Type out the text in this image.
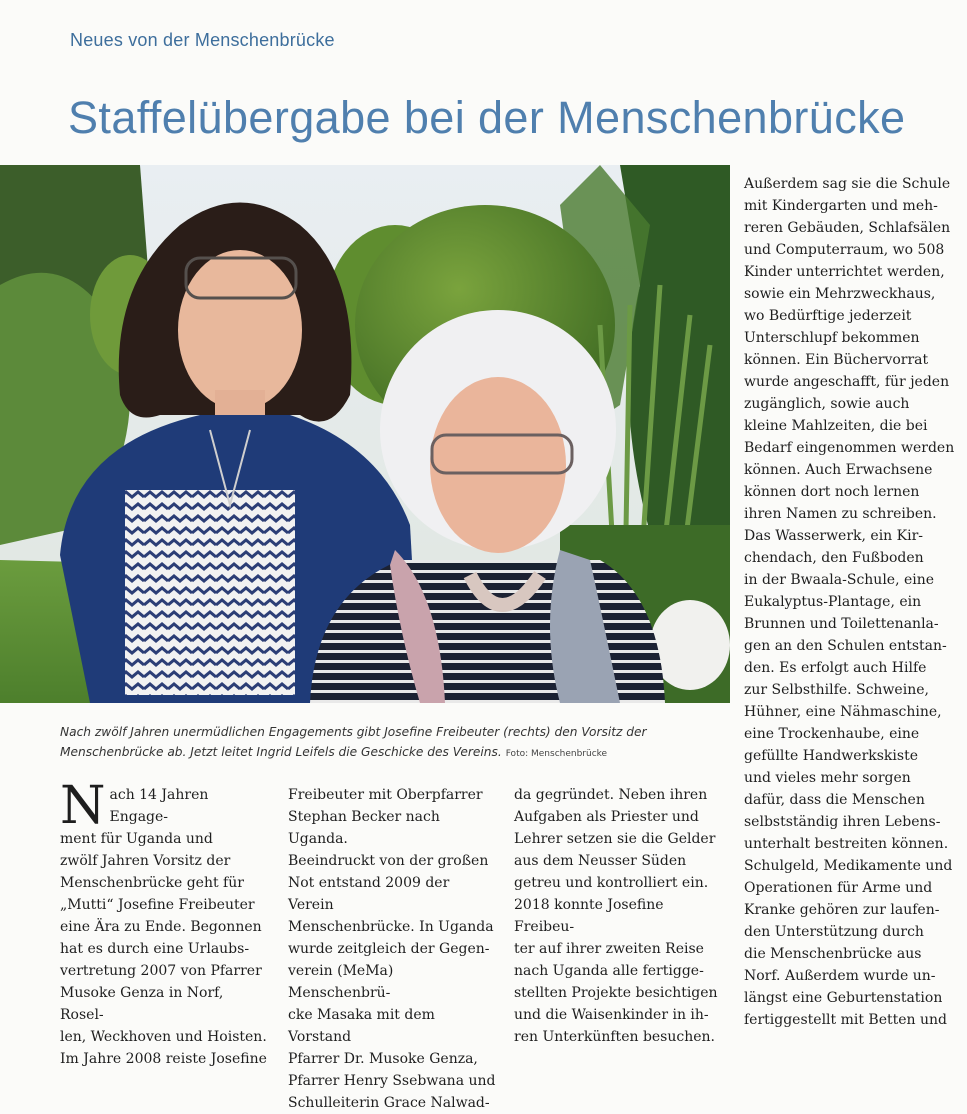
Neues von der Menschenbrücke
Staffelübergabe bei der Menschenbrücke

Nach zwölf Jahren unermüdlichen Engagements gibt Josefine Freibeuter (rechts) den Vorsitz der Menschenbrücke ab. Jetzt leitet Ingrid Leifels die Geschicke des Vereins. Foto: Menschenbrücke

Nach 14 Jahren Engage-
ment für Uganda und
zwölf Jahren Vorsitz der
Menschenbrücke geht für
„Mutti“ Josefine Freibeuter
eine Ära zu Ende. Begonnen
hat es durch eine Urlaubs-
vertretung 2007 von Pfarrer
Musoke Genza in Norf, Rosel-
len, Weckhoven und Hoisten.
Im Jahre 2008 reiste Josefine
Freibeuter mit Oberpfarrer
Stephan Becker nach Uganda.
Beeindruckt von der großen
Not entstand 2009 der Verein
Menschenbrücke. In Uganda
wurde zeitgleich der Gegen-
verein (MeMa) Menschenbrü-
cke Masaka mit dem Vorstand
Pfarrer Dr. Musoke Genza,
Pfarrer Henry Ssebwana und
Schulleiterin Grace Nalwad-
da gegründet. Neben ihren
Aufgaben als Priester und
Lehrer setzen sie die Gelder
aus dem Neusser Süden
getreu und kontrolliert ein.
2018 konnte Josefine Freibeu-
ter auf ihrer zweiten Reise
nach Uganda alle fertigge-
stellten Projekte besichtigen
und die Waisenkinder in ih-
ren Unterkünften besuchen.
Außerdem sag sie die Schule
mit Kindergarten und meh-
reren Gebäuden, Schlafsälen
und Computerraum, wo 508
Kinder unterrichtet werden,
sowie ein Mehrzweckhaus,
wo Bedürftige jederzeit
Unterschlupf bekommen
können. Ein Büchervorrat
wurde angeschafft, für jeden
zugänglich, sowie auch
kleine Mahlzeiten, die bei
Bedarf eingenommen werden
können. Auch Erwachsene
können dort noch lernen
ihren Namen zu schreiben.
Das Wasserwerk, ein Kir-
chendach, den Fußboden
in der Bwaala-Schule, eine
Eukalyptus-Plantage, ein
Brunnen und Toilettenanla-
gen an den Schulen entstan-
den. Es erfolgt auch Hilfe
zur Selbsthilfe. Schweine,
Hühner, eine Nähmaschine,
eine Trockenhaube, eine
gefüllte Handwerkskiste
und vieles mehr sorgen
dafür, dass die Menschen
selbstständig ihren Lebens-
unterhalt bestreiten können.
Schulgeld, Medikamente und
Operationen für Arme und
Kranke gehören zur laufen-
den Unterstützung durch
die Menschenbrücke aus
Norf. Außerdem wurde un-
längst eine Geburtenstation
fertiggestellt mit Betten und
